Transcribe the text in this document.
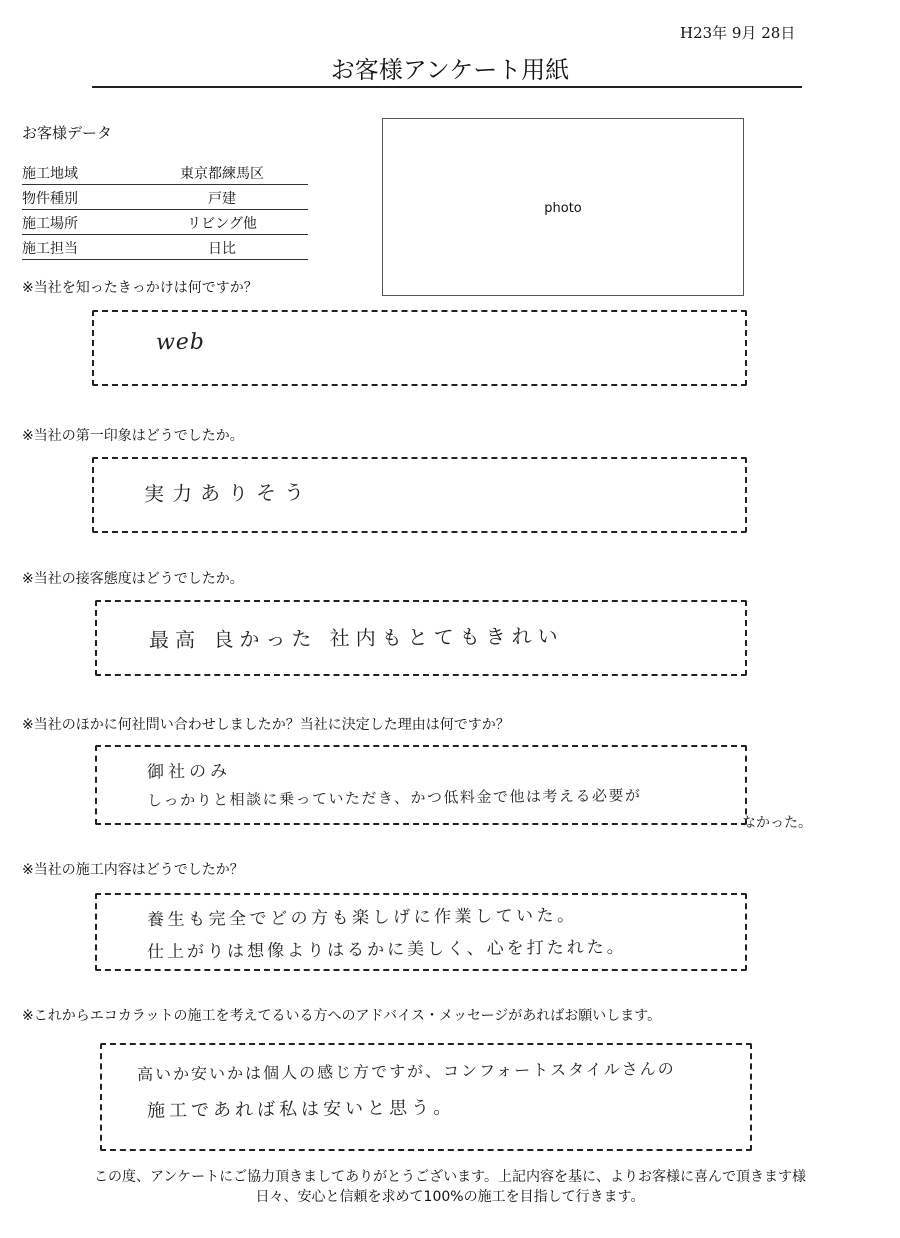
H23年 9月 28日
お客様アンケート用紙
お客様データ
施工地域	東京都練馬区
物件種別	戸建
施工場所	リビング他
施工担当	日比
photo
※当社を知ったきっかけは何ですか？
web
※当社の第一印象はどうでしたか。
実力ありそう
※当社の接客態度はどうでしたか。
最高 良かった 社内もとてもきれい
※当社のほかに何社問い合わせしましたか？当社に決定した理由は何ですか？
御社のみ
しっかりと相談に乗っていただき、かつ低料金で他は考える必要が
なかった。
※当社の施工内容はどうでしたか？
養生も完全でどの方も楽しげに作業していた。
仕上がりは想像よりはるかに美しく、心を打たれた。
※これからエコカラットの施工を考えてるいる方へのアドバイス・メッセージがあればお願いします。
高いか安いかは個人の感じ方ですが、コンフォートスタイルさんの
施工であれば私は安いと思う。
この度、アンケートにご協力頂きましてありがとうございます。上記内容を基に、よりお客様に喜んで頂きます様
日々、安心と信頼を求めて100%の施工を目指して行きます。
